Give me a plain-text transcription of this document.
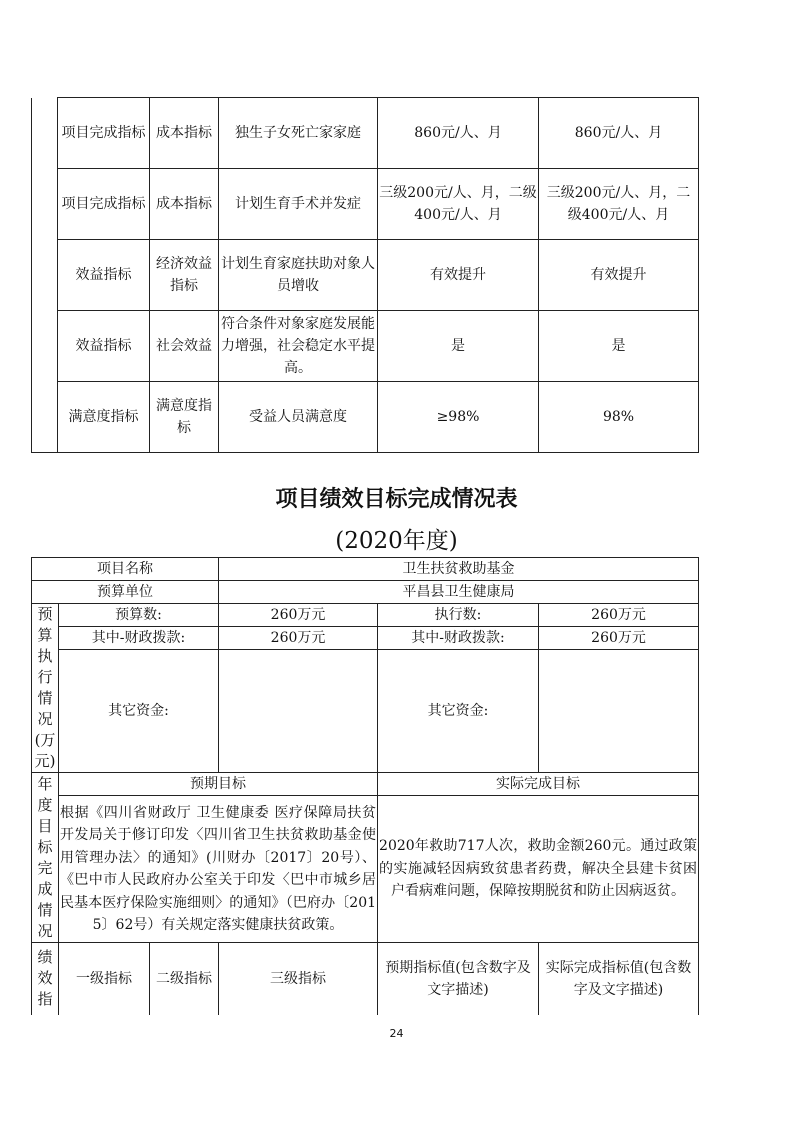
	项目完成指标	成本指标	独生子女死亡家家庭	860元/人、月	860元/人、月
	项目完成指标	成本指标	计划生育手术并发症	三级200元/人、月，二级400元/人、月	三级200元/人、月，二级400元/人、月
	效益指标	经济效益指标	计划生育家庭扶助对象人员增收	有效提升	有效提升
	效益指标	社会效益	符合条件对象家庭发展能力增强，社会稳定水平提高。	是	是
	满意度指标	满意度指标	受益人员满意度	≥98%	98%
项目绩效目标完成情况表
(2020年度)
项目名称			卫生扶贫救助基金		
预算单位			平昌县卫生健康局		
预算执行情况(万元)	预算数:		260万元	执行数:	260万元
	其中-财政拨款:		260万元	其中-财政拨款:	260万元
	其它资金:			其它资金:	
年度目标完成情况	预期目标			实际完成目标	
	根据《四川省财政厅 卫生健康委 医疗保障局扶贫开发局关于修订印发〈四川省卫生扶贫救助基金使用管理办法〉的通知》(川财办〔2017〕20号）、《巴中市人民政府办公室关于印发〈巴中市城乡居民基本医疗保险实施细则〉的通知》（巴府办〔2015〕62号）有关规定落实健康扶贫政策。			2020年救助717人次，救助金额260元。通过政策的实施减轻因病致贫患者药费，解决全县建卡贫困户看病难问题，保障按期脱贫和防止因病返贫。	
绩效指	一级指标	二级指标	三级指标	预期指标值(包含数字及文字描述)	实际完成指标值(包含数字及文字描述)
24
